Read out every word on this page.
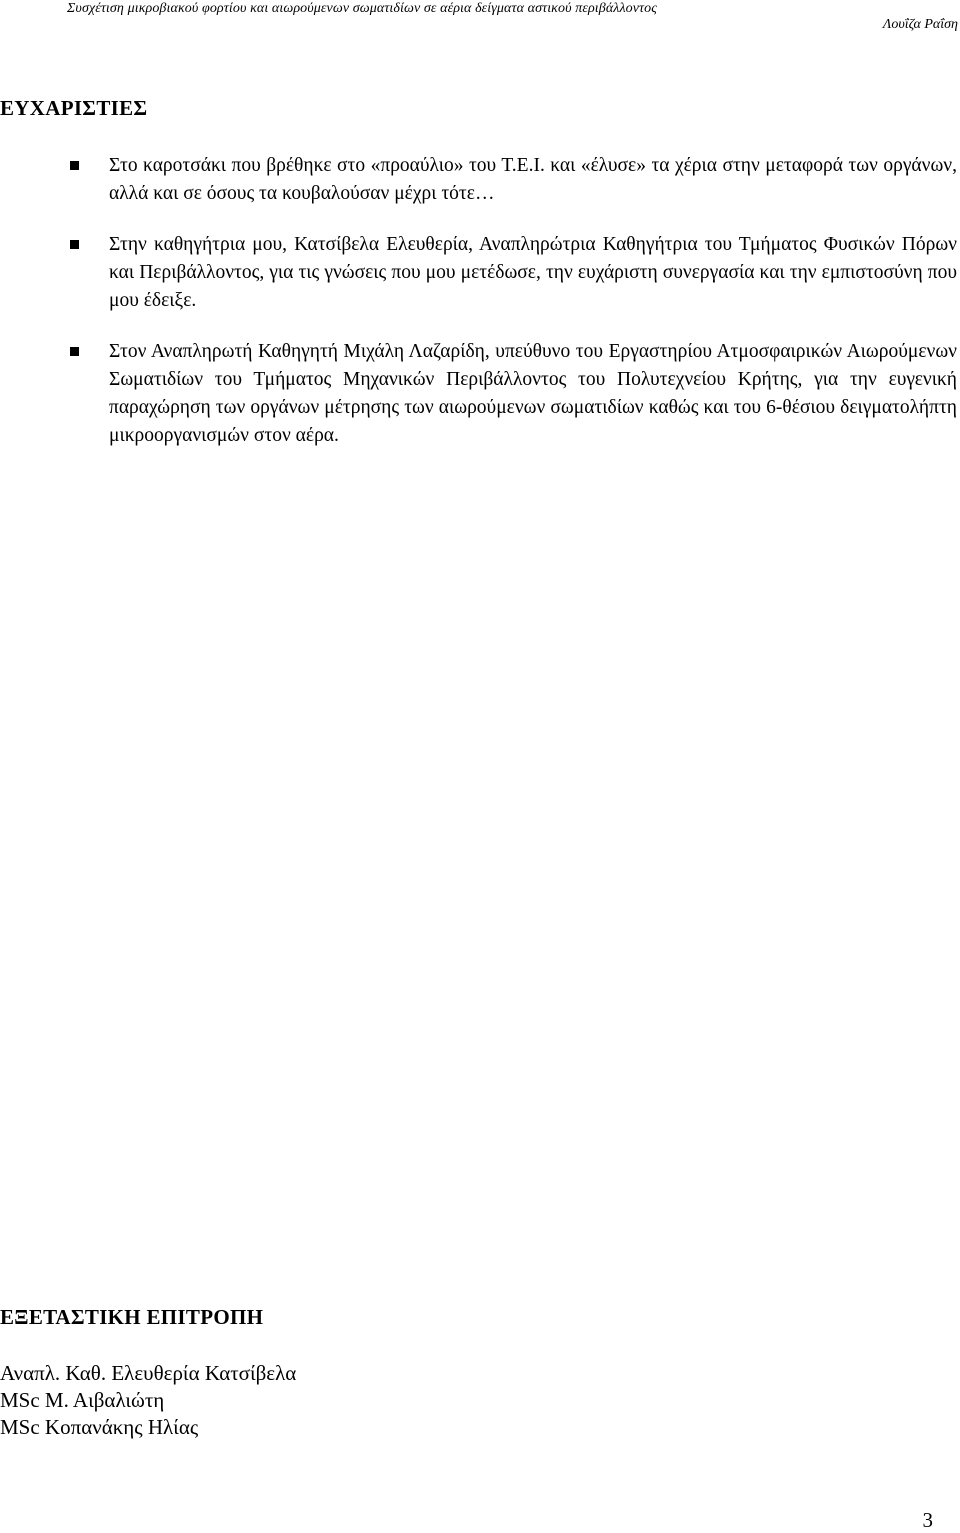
Συσχέτιση μικροβιακού φορτίου και αιωρούμενων σωματιδίων σε αέρια δείγματα αστικού περιβάλλοντος
Λουΐζα Ραΐση
ΕΥΧΑΡΙΣΤΙΕΣ
Στο καροτσάκι που βρέθηκε στο «προαύλιο» του Τ.Ε.Ι. και «έλυσε» τα χέρια στην μεταφορά των οργάνων, αλλά και σε όσους τα κουβαλούσαν μέχρι τότε…
Στην καθηγήτρια μου, Κατσίβελα Ελευθερία, Αναπληρώτρια Καθηγήτρια του Τμήματος Φυσικών Πόρων και Περιβάλλοντος, για τις γνώσεις που μου μετέδωσε, την ευχάριστη συνεργασία και την εμπιστοσύνη που μου έδειξε.
Στον Αναπληρωτή Καθηγητή Μιχάλη Λαζαρίδη, υπεύθυνο του Εργαστηρίου Ατμοσφαιρικών Αιωρούμενων Σωματιδίων του Τμήματος Μηχανικών Περιβάλλοντος του Πολυτεχνείου Κρήτης, για την ευγενική παραχώρηση των οργάνων μέτρησης των αιωρούμενων σωματιδίων καθώς και του 6-θέσιου δειγματολήπτη μικροοργανισμών στον αέρα.
ΕΞΕΤΑΣΤΙΚΗ ΕΠΙΤΡΟΠΗ
Αναπλ. Καθ. Ελευθερία Κατσίβελα
MSc Μ. Αιβαλιώτη
MSc Κοπανάκης Ηλίας
3
